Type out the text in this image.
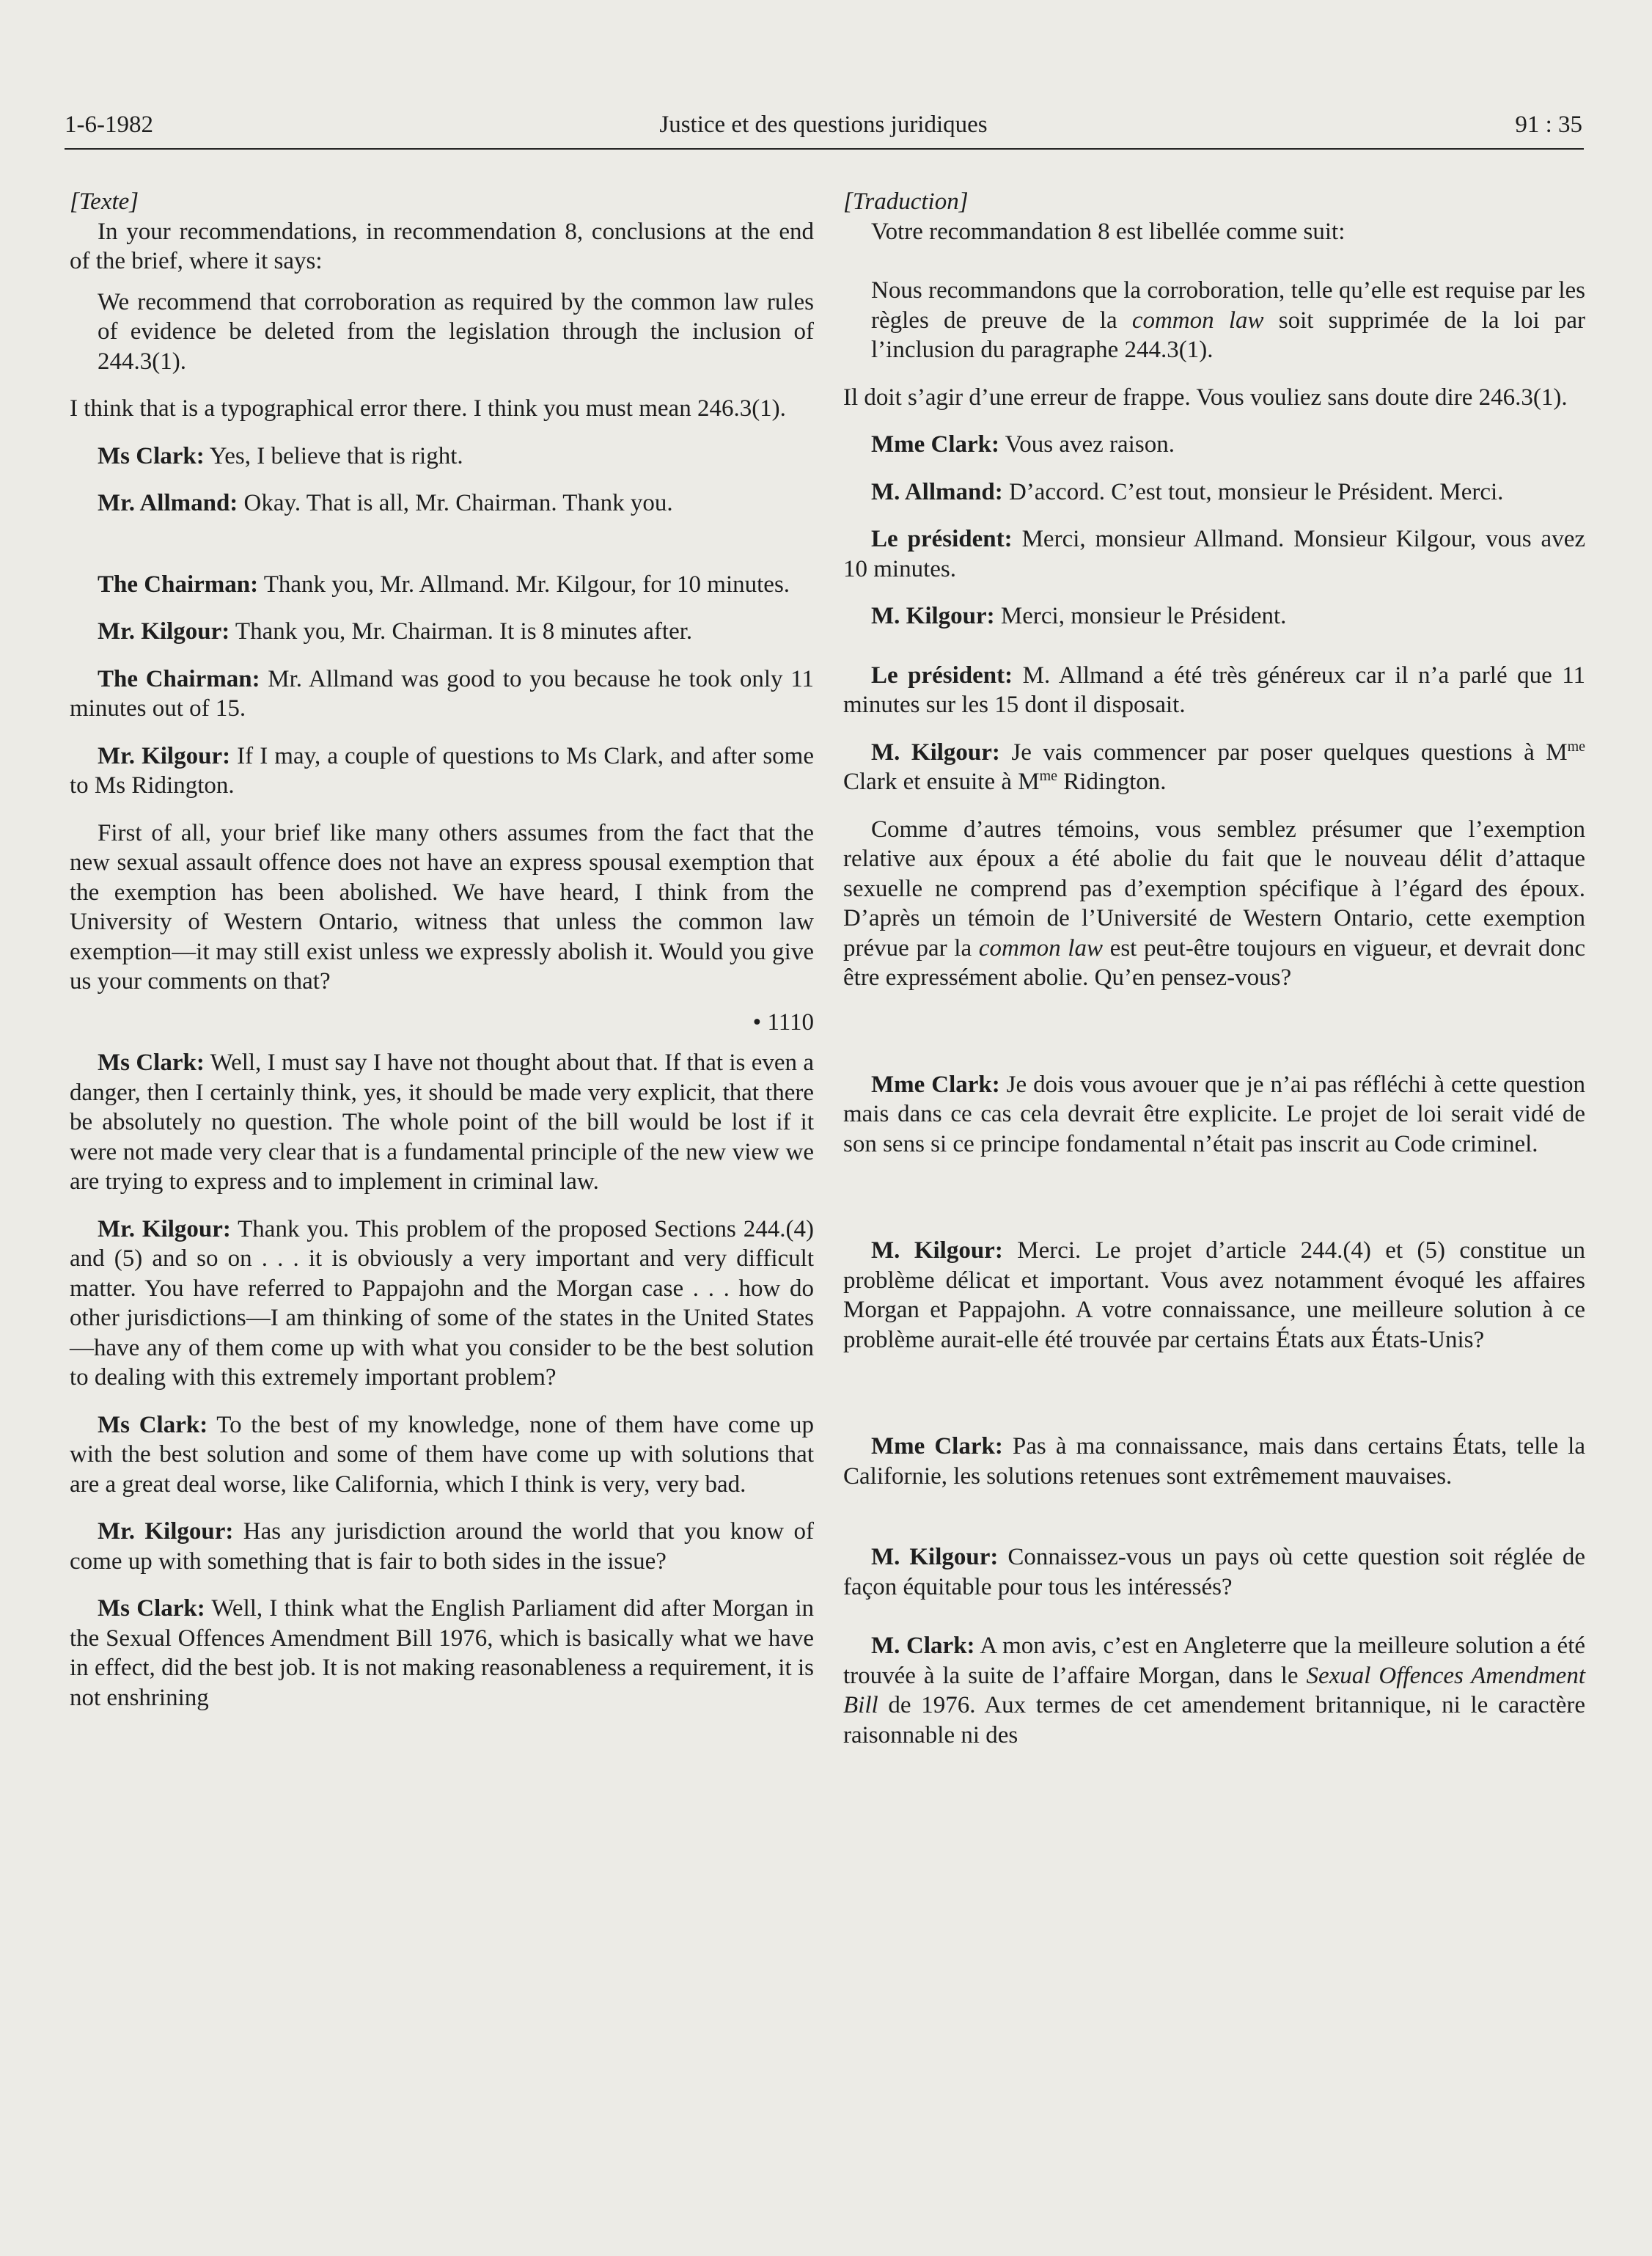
1-6-1982	Justice et des questions juridiques	91 : 35

[Texte]

In your recommendations, in recommendation 8, conclusions at the end of the brief, where it says:

We recommend that corroboration as required by the common law rules of evidence be deleted from the legislation through the inclusion of 244.3(1).

I think that is a typographical error there. I think you must mean 246.3(1).

Ms Clark: Yes, I believe that is right.

Mr. Allmand: Okay. That is all, Mr. Chairman. Thank you.

The Chairman: Thank you, Mr. Allmand. Mr. Kilgour, for 10 minutes.

Mr. Kilgour: Thank you, Mr. Chairman. It is 8 minutes after.

The Chairman: Mr. Allmand was good to you because he took only 11 minutes out of 15.

Mr. Kilgour: If I may, a couple of questions to Ms Clark, and after some to Ms Ridington.

First of all, your brief like many others assumes from the fact that the new sexual assault offence does not have an express spousal exemption that the exemption has been abolished. We have heard, I think from the University of Western Ontario, witness that unless the common law exemption—it may still exist unless we expressly abolish it. Would you give us your comments on that?

• 1110

Ms Clark: Well, I must say I have not thought about that. If that is even a danger, then I certainly think, yes, it should be made very explicit, that there be absolutely no question. The whole point of the bill would be lost if it were not made very clear that is a fundamental principle of the new view we are trying to express and to implement in criminal law.

Mr. Kilgour: Thank you. This problem of the proposed Sections 244.(4) and (5) and so on . . . it is obviously a very important and very difficult matter. You have referred to Pappajohn and the Morgan case . . . how do other jurisdictions—I am thinking of some of the states in the United States—have any of them come up with what you consider to be the best solution to dealing with this extremely important problem?

Ms Clark: To the best of my knowledge, none of them have come up with the best solution and some of them have come up with solutions that are a great deal worse, like California, which I think is very, very bad.

Mr. Kilgour: Has any jurisdiction around the world that you know of come up with something that is fair to both sides in the issue?

Ms Clark: Well, I think what the English Parliament did after Morgan in the Sexual Offences Amendment Bill 1976, which is basically what we have in effect, did the best job. It is not making reasonableness a requirement, it is not enshrining

[Traduction]

Votre recommandation 8 est libellée comme suit:

Nous recommandons que la corroboration, telle qu’elle est requise par les règles de preuve de la common law soit supprimée de la loi par l’inclusion du paragraphe 244.3(1).

Il doit s’agir d’une erreur de frappe. Vous vouliez sans doute dire 246.3(1).

Mme Clark: Vous avez raison.

M. Allmand: D’accord. C’est tout, monsieur le Président. Merci.

Le président: Merci, monsieur Allmand. Monsieur Kilgour, vous avez 10 minutes.

M. Kilgour: Merci, monsieur le Président.

Le président: M. Allmand a été très généreux car il n’a parlé que 11 minutes sur les 15 dont il disposait.

M. Kilgour: Je vais commencer par poser quelques questions à $M^{me}$ Clark et ensuite à $M^{me}$ Ridington.

Comme d’autres témoins, vous semblez présumer que l’exemption relative aux époux a été abolie du fait que le nouveau délit d’attaque sexuelle ne comprend pas d’exemption spécifique à l’égard des époux. D’après un témoin de l’Université de Western Ontario, cette exemption prévue par la common law est peut-être toujours en vigueur, et devrait donc être expressément abolie. Qu’en pensez-vous?

Mme Clark: Je dois vous avouer que je n’ai pas réfléchi à cette question mais dans ce cas cela devrait être explicite. Le projet de loi serait vidé de son sens si ce principe fondamental n’était pas inscrit au Code criminel.

M. Kilgour: Merci. Le projet d’article 244.(4) et (5) constitue un problème délicat et important. Vous avez notamment évoqué les affaires Morgan et Pappajohn. A votre connaissance, une meilleure solution à ce problème aurait-elle été trouvée par certains États aux États-Unis?

Mme Clark: Pas à ma connaissance, mais dans certains États, telle la Californie, les solutions retenues sont extrêmement mauvaises.

M. Kilgour: Connaissez-vous un pays où cette question soit réglée de façon équitable pour tous les intéressés?

M. Clark: A mon avis, c’est en Angleterre que la meilleure solution a été trouvée à la suite de l’affaire Morgan, dans le Sexual Offences Amendment Bill de 1976. Aux termes de cet amendement britannique, ni le caractère raisonnable ni des
